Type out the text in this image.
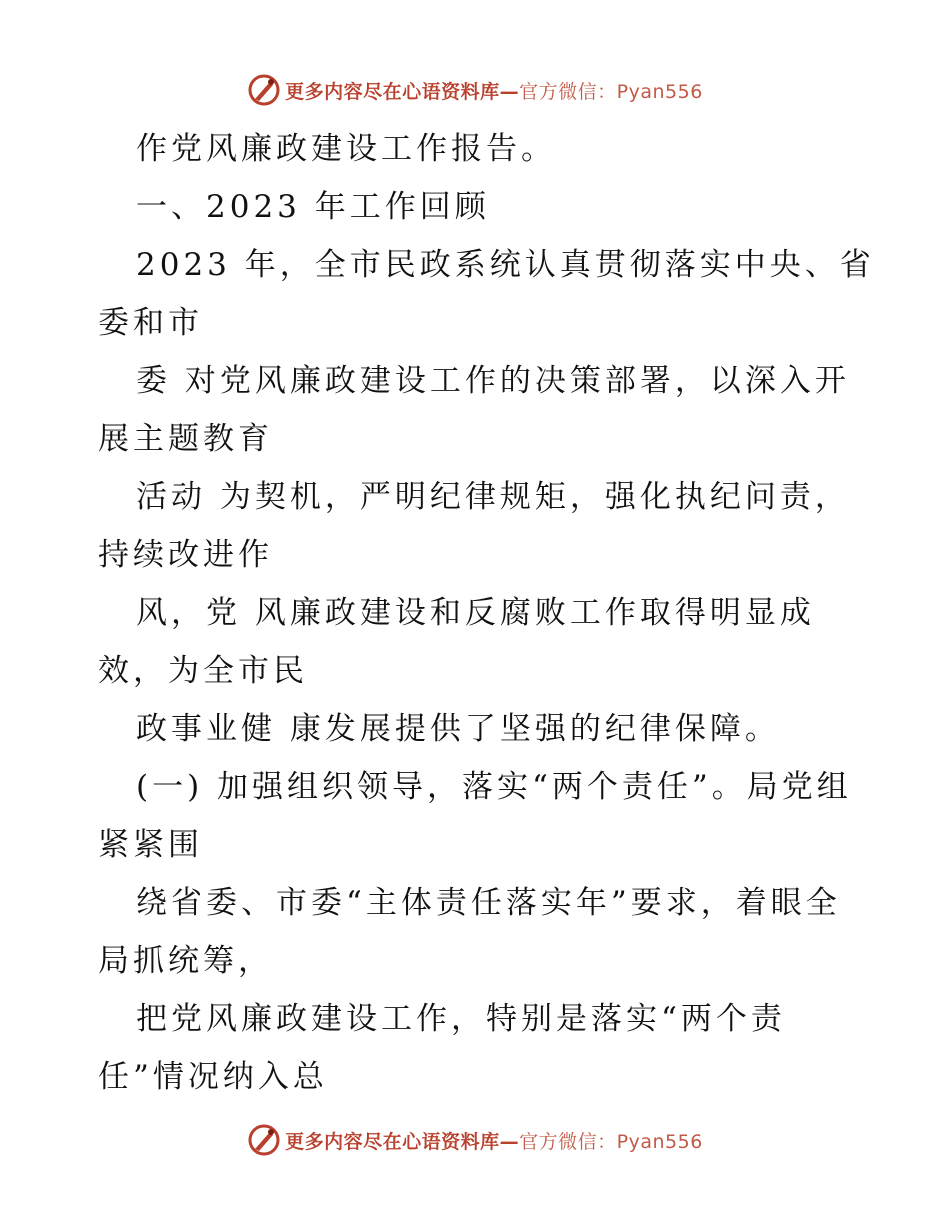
更多内容尽在心语资料库—官方微信：Pyan556
作党风廉政建设工作报告。
一、2023 年工作回顾
2023 年，全市民政系统认真贯彻落实中央、省
委和市
委 对党风廉政建设工作的决策部署，以深入开
展主题教育
活动 为契机，严明纪律规矩，强化执纪问责，
持续改进作
风，党 风廉政建设和反腐败工作取得明显成
效，为全市民
政事业健 康发展提供了坚强的纪律保障。
(一) 加强组织领导，落实“两个责任”。局党组
紧紧围
绕省委、市委“主体责任落实年”要求，着眼全
局抓统筹，
把党风廉政建设工作，特别是落实“两个责
任”情况纳入总
更多内容尽在心语资料库—官方微信：Pyan556
